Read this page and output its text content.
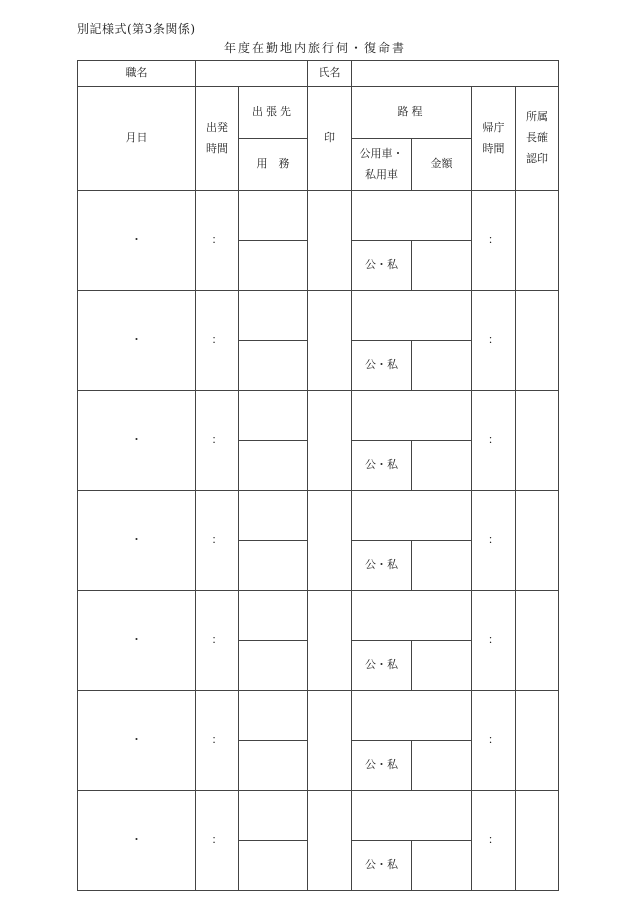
別記様式(第3条関係)
年度在勤地内旅行伺・復命書
職名			氏名				
月日	出発時間	出張先	印	路程		帰庁時間	所属長確認印
		用　務		公用車・私用車	金額		
・	：					：	
				公・私			
・	：					：	
				公・私			
・	：					：	
				公・私			
・	：					：	
				公・私			
・	：					：	
				公・私			
・	：					：	
				公・私			
・	：					：	
				公・私			
